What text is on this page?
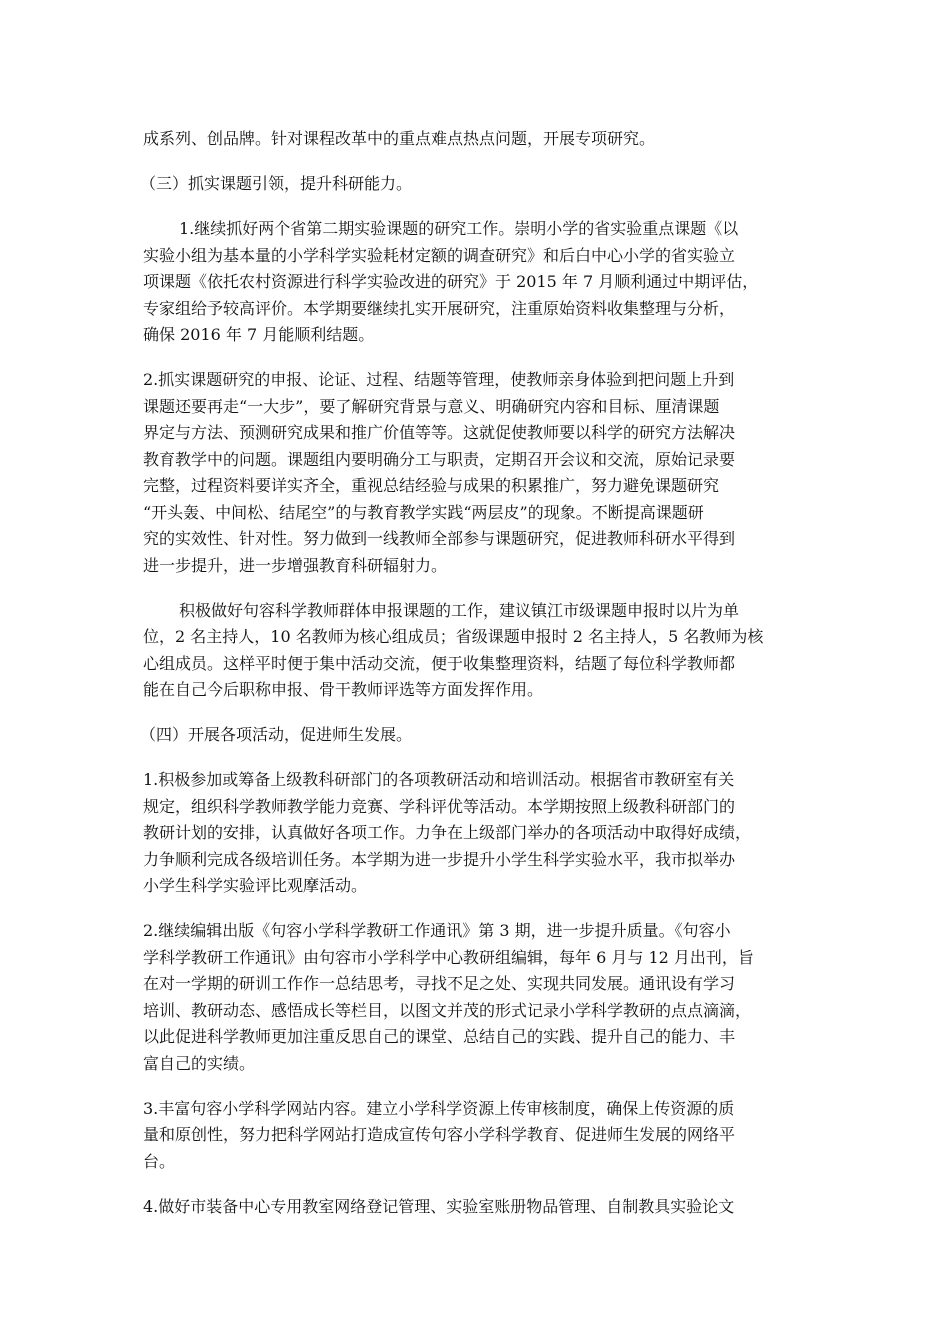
成系列、创品牌。针对课程改革中的重点难点热点问题，开展专项研究。

（三）抓实课题引领，提升科研能力。

1.继续抓好两个省第二期实验课题的研究工作。崇明小学的省实验重点课题《以
实验小组为基本量的小学科学实验耗材定额的调查研究》和后白中心小学的省实验立
项课题《依托农村资源进行科学实验改进的研究》于 2015 年 7 月顺利通过中期评估，
专家组给予较高评价。本学期要继续扎实开展研究，注重原始资料收集整理与分析，
确保 2016 年 7 月能顺利结题。

2.抓实课题研究的申报、论证、过程、结题等管理，使教师亲身体验到把问题上升到
课题还要再走“一大步”，要了解研究背景与意义、明确研究内容和目标、厘清课题
界定与方法、预测研究成果和推广价值等等。这就促使教师要以科学的研究方法解决
教育教学中的问题。课题组内要明确分工与职责，定期召开会议和交流，原始记录要
完整，过程资料要详实齐全，重视总结经验与成果的积累推广，努力避免课题研究
“开头轰、中间松、结尾空”的与教育教学实践“两层皮”的现象。不断提高课题研
究的实效性、针对性。努力做到一线教师全部参与课题研究，促进教师科研水平得到
进一步提升，进一步增强教育科研辐射力。

积极做好句容科学教师群体申报课题的工作，建议镇江市级课题申报时以片为单
位，2 名主持人，10 名教师为核心组成员；省级课题申报时 2 名主持人，5 名教师为核
心组成员。这样平时便于集中活动交流，便于收集整理资料，结题了每位科学教师都
能在自己今后职称申报、骨干教师评选等方面发挥作用。

（四）开展各项活动，促进师生发展。

1.积极参加或筹备上级教科研部门的各项教研活动和培训活动。根据省市教研室有关
规定，组织科学教师教学能力竞赛、学科评优等活动。本学期按照上级教科研部门的
教研计划的安排，认真做好各项工作。力争在上级部门举办的各项活动中取得好成绩，
力争顺利完成各级培训任务。本学期为进一步提升小学生科学实验水平，我市拟举办
小学生科学实验评比观摩活动。

2.继续编辑出版《句容小学科学教研工作通讯》第 3 期，进一步提升质量。《句容小
学科学教研工作通讯》由句容市小学科学中心教研组编辑，每年 6 月与 12 月出刊，旨
在对一学期的研训工作作一总结思考，寻找不足之处、实现共同发展。通讯设有学习
培训、教研动态、感悟成长等栏目，以图文并茂的形式记录小学科学教研的点点滴滴，
以此促进科学教师更加注重反思自己的课堂、总结自己的实践、提升自己的能力、丰
富自己的实绩。

3.丰富句容小学科学网站内容。建立小学科学资源上传审核制度，确保上传资源的质
量和原创性，努力把科学网站打造成宣传句容小学科学教育、促进师生发展的网络平
台。

4.做好市装备中心专用教室网络登记管理、实验室账册物品管理、自制教具实验论文
